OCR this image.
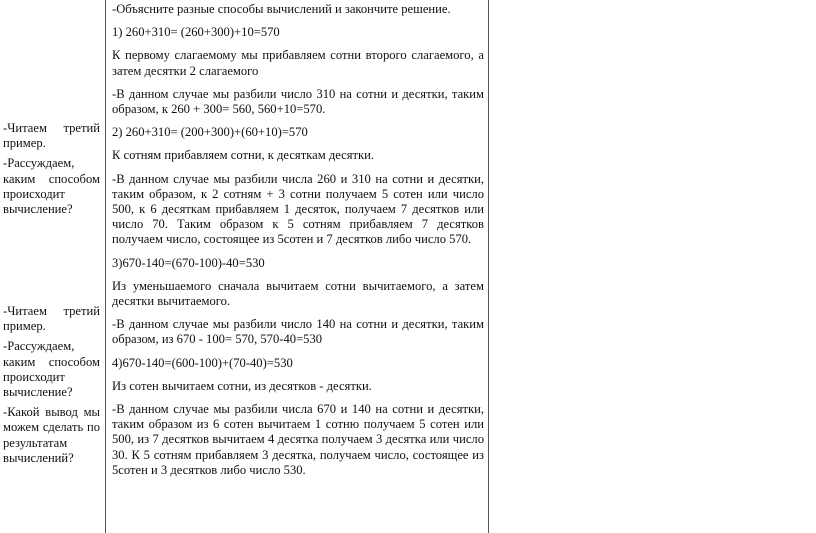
-Читаем третий пример.

-Рассуждаем, каким способом происходит вычисление?

-Читаем третий пример.

-Рассуждаем, каким способом происходит вычисление?

-Какой вывод мы можем сделать по результатам вычислений?

-Объясните разные способы вычислений и закончите решение.

1) 260+310= (260+300)+10=570

К первому слагаемому мы прибавляем сотни второго слагаемого, а затем десятки 2 слагаемого

-В данном случае мы разбили число 310 на сотни и десятки, таким образом, к 260 + 300= 560, 560+10=570.

2) 260+310= (200+300)+(60+10)=570

К сотням прибавляем сотни, к десяткам десятки.

-В данном случае мы разбили числа 260 и 310 на сотни и десятки, таким образом, к 2 сотням + 3 сотни получаем 5 сотен или число 500, к 6 десяткам прибавляем 1 десяток, получаем 7 десятков или число 70. Таким образом к 5 сотням прибавляем 7 десятков получаем число, состоящее из 5сотен и 7 десятков либо число 570.

3)670-140=(670-100)-40=530

Из уменьшаемого сначала вычитаем сотни вычитаемого, а затем десятки вычитаемого.

-В данном случае мы разбили число 140 на сотни и десятки, таким образом, из 670 - 100= 570, 570-40=530

4)670-140=(600-100)+(70-40)=530

Из сотен вычитаем сотни, из десятков - десятки.

-В данном случае мы разбили числа 670 и 140 на сотни и десятки, таким образом из 6 сотен вычитаем 1 сотню получаем 5 сотен или 500, из 7 десятков вычитаем 4 десятка получаем 3 десятка или число 30. К 5 сотням прибавляем 3 десятка, получаем число, состоящее из 5сотен и 3 десятков либо число 530.
